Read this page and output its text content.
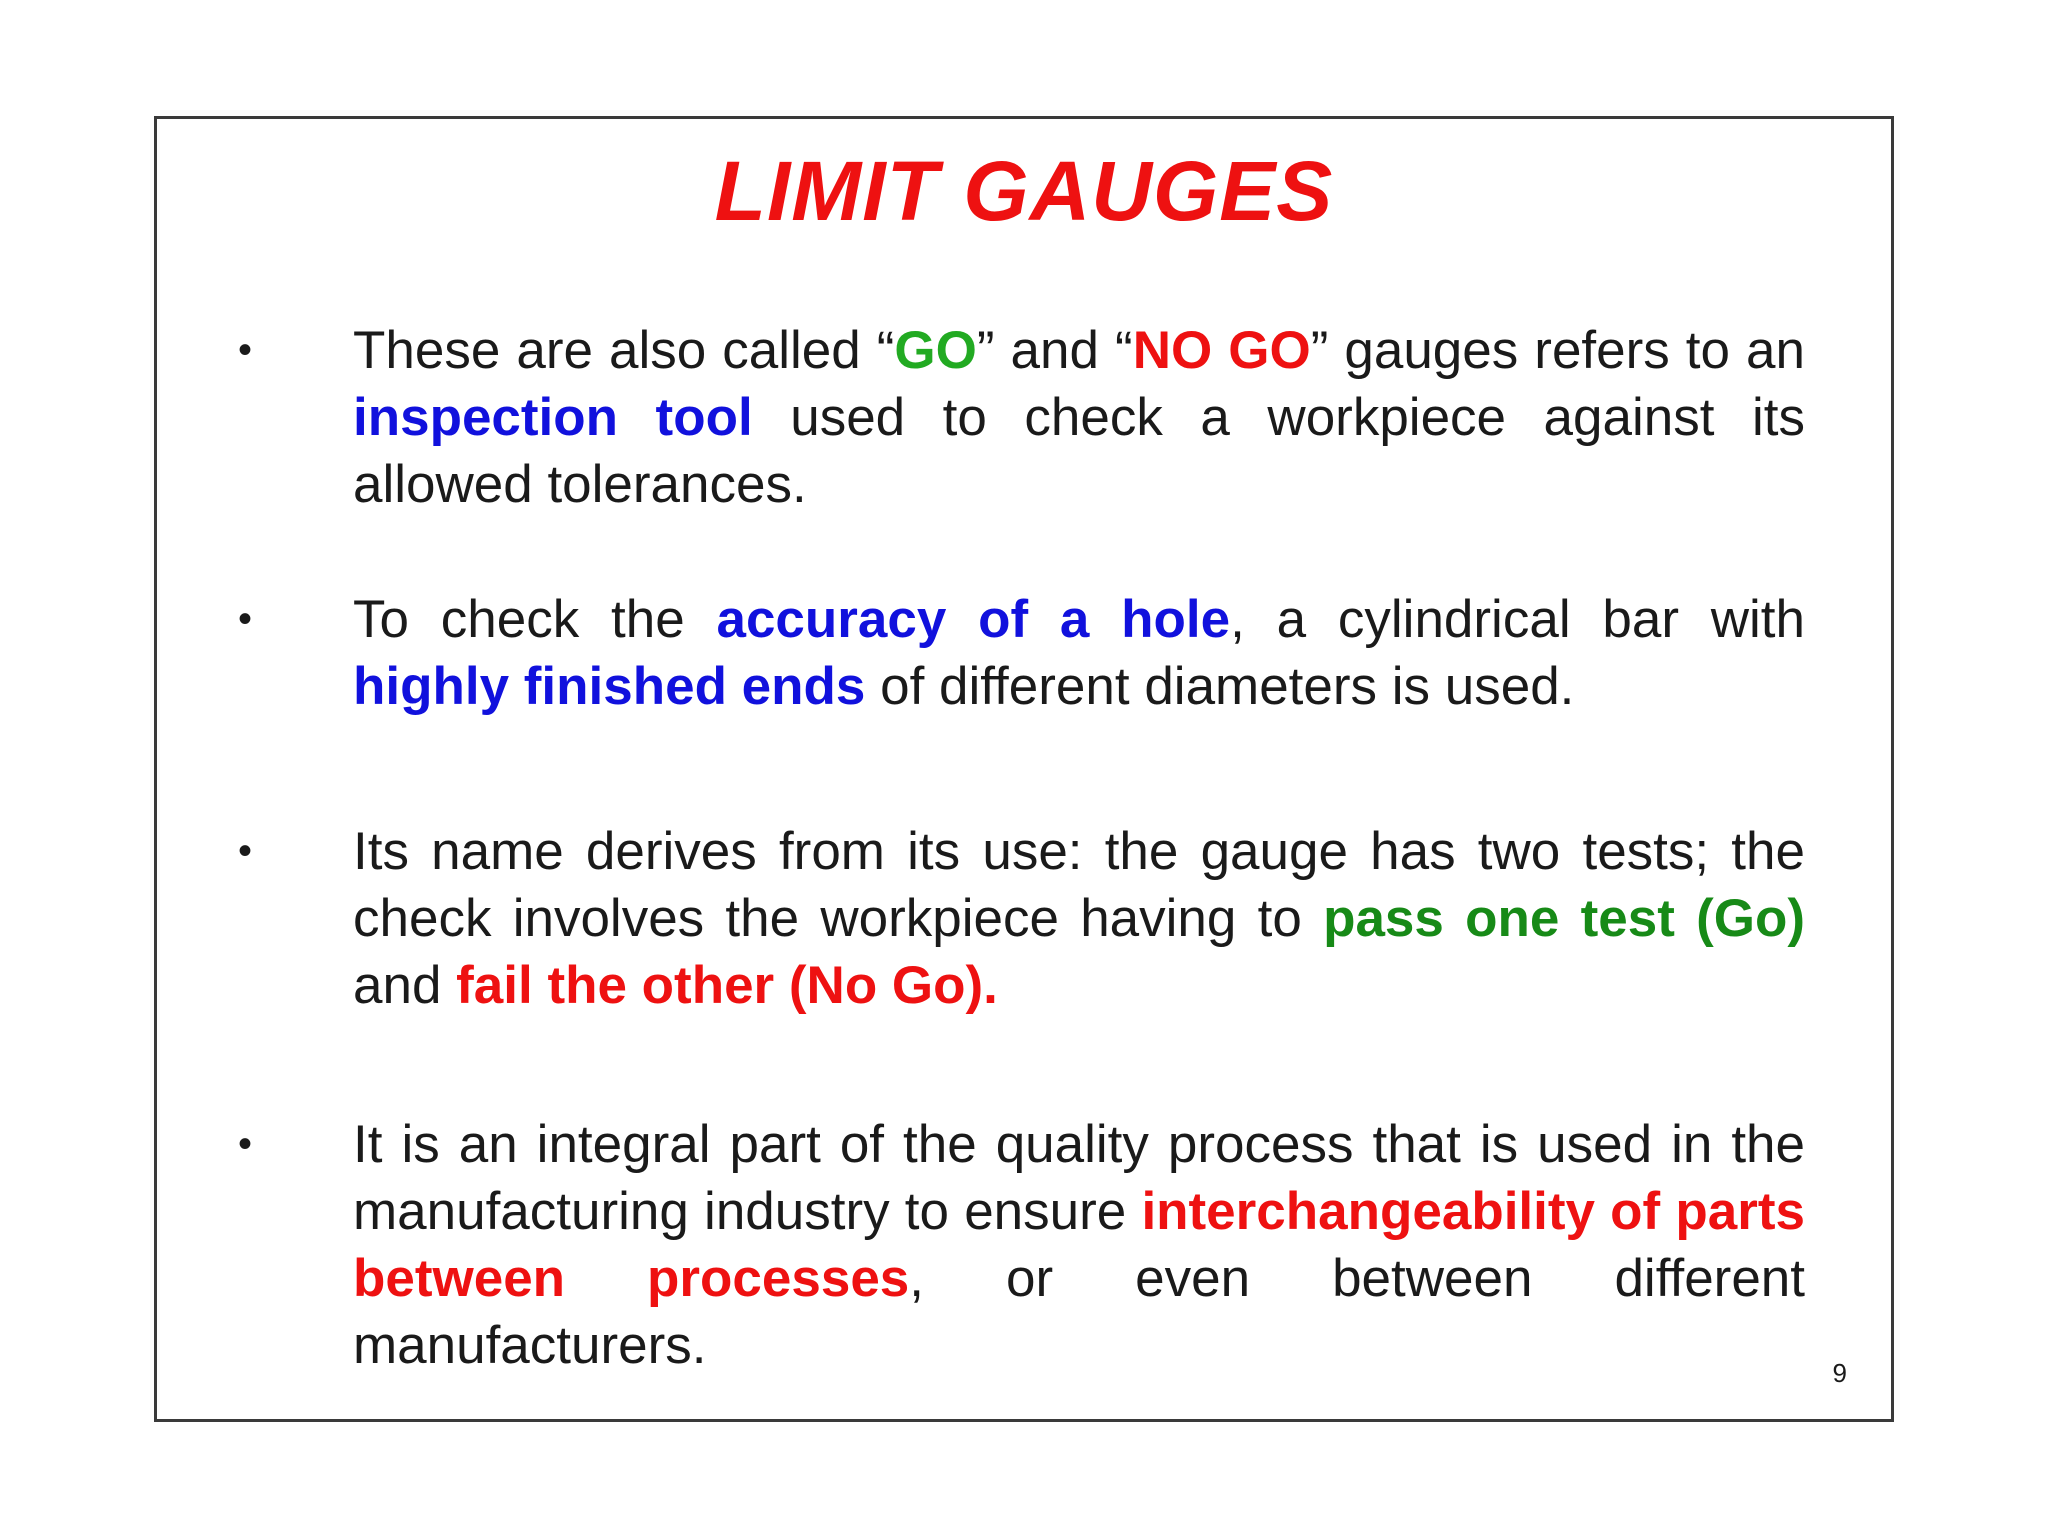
LIMIT GAUGES
• These are also called “GO” and “NO GO” gauges refers to an inspection tool used to check a workpiece against its allowed tolerances.
• To check the accuracy of a hole, a cylindrical bar with highly finished ends of different diameters is used.
• Its name derives from its use: the gauge has two tests; the check involves the workpiece having to pass one test (Go) and fail the other (No Go).
• It is an integral part of the quality process that is used in the manufacturing industry to ensure interchangeability of parts between processes, or even between different manufacturers.	9
